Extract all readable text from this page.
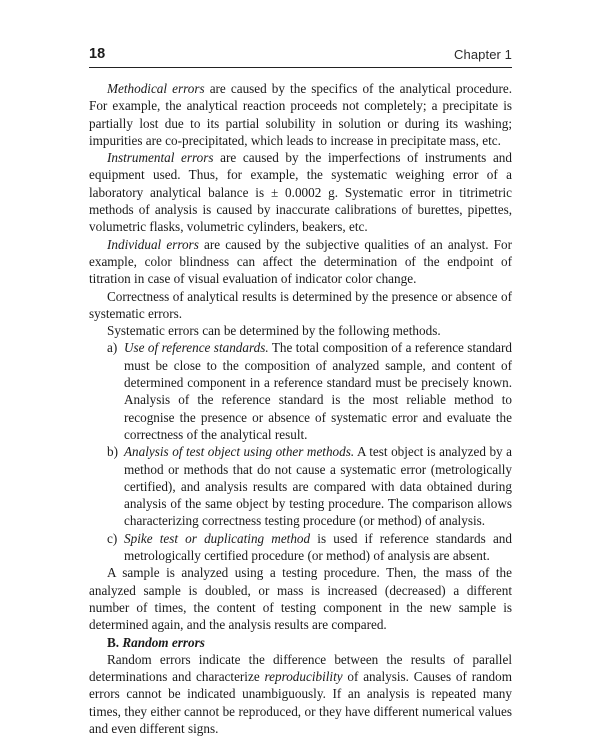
18	Chapter 1

Methodical errors are caused by the specifics of the analytical procedure. For example, the analytical reaction proceeds not completely; a precipitate is partially lost due to its partial solubility in solution or during its washing; impurities are co-precipitated, which leads to increase in precipitate mass, etc.

Instrumental errors are caused by the imperfections of instruments and equipment used. Thus, for example, the systematic weighing error of a laboratory analytical balance is ± 0.0002 g. Systematic error in titrimetric methods of analysis is caused by inaccurate calibrations of burettes, pipettes, volumetric flasks, volumetric cylinders, beakers, etc.

Individual errors are caused by the subjective qualities of an analyst. For example, color blindness can affect the determination of the endpoint of titration in case of visual evaluation of indicator color change.

Correctness of analytical results is determined by the presence or absence of systematic errors.

Systematic errors can be determined by the following methods.

a) Use of reference standards. The total composition of a reference standard must be close to the composition of analyzed sample, and content of determined component in a reference standard must be precisely known. Analysis of the reference standard is the most reliable method to recognise the presence or absence of systematic error and evaluate the correctness of the analytical result.
b) Analysis of test object using other methods. A test object is analyzed by a method or methods that do not cause a systematic error (metrologically certified), and analysis results are compared with data obtained during analysis of the same object by testing procedure. The comparison allows characterizing correctness testing procedure (or method) of analysis.
c) Spike test or duplicating method is used if reference standards and metrologically certified procedure (or method) of analysis are absent.

A sample is analyzed using a testing procedure. Then, the mass of the analyzed sample is doubled, or mass is increased (decreased) a different number of times, the content of testing component in the new sample is determined again, and the analysis results are compared.

B. Random errors

Random errors indicate the difference between the results of parallel determinations and characterize reproducibility of analysis. Causes of random errors cannot be indicated unambiguously. If an analysis is repeated many times, they either cannot be reproduced, or they have different numerical values and even different signs.
